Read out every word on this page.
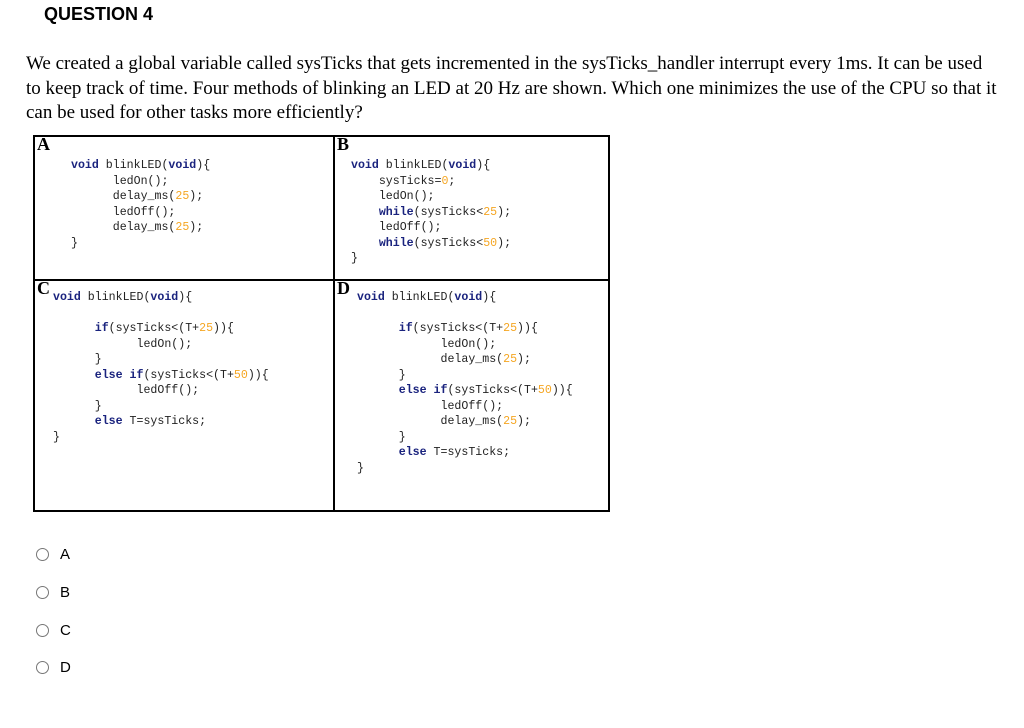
QUESTION 4
We created a global variable called sysTicks that gets incremented in the sysTicks_handler interrupt every 1ms. It can be used to keep track of time. Four methods of blinking an LED at 20 Hz are shown. Which one minimizes the use of the CPU so that it can be used for other tasks more efficiently?
A
void blinkLED(void){
ledOn();
delay_ms(25);
ledOff();
delay_ms(25);
}
B
void blinkLED(void){
sysTicks=0;
ledOn();
while(sysTicks<25);
ledOff();
while(sysTicks<50);
}
C void blinkLED(void){

if(sysTicks<(T+25)){
ledOn();
}
else if(sysTicks<(T+50)){
ledOff();
}
else T=sysTicks;
}
D void blinkLED(void){

if(sysTicks<(T+25)){
ledOn();
delay_ms(25);
}
else if(sysTicks<(T+50)){
ledOff();
delay_ms(25);
}
else T=sysTicks;
}
A
B
C
D
